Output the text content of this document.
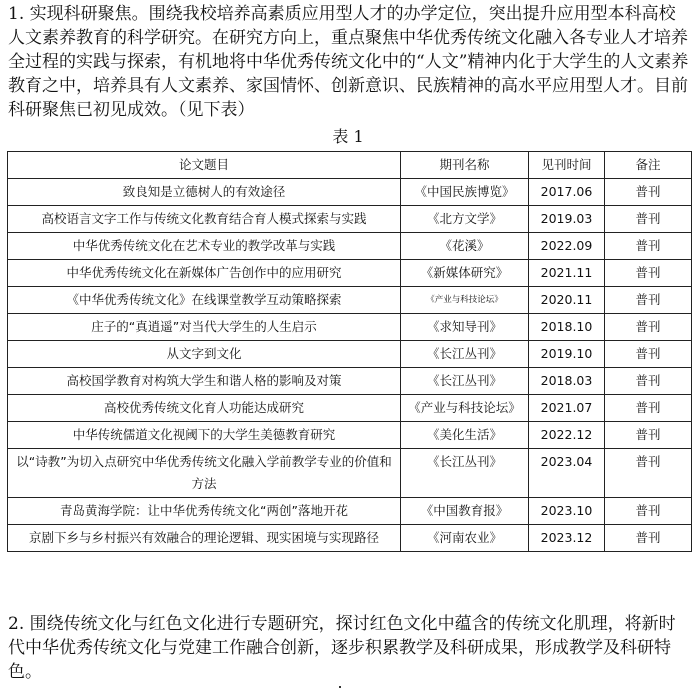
1. 实现科研聚焦。围绕我校培养高素质应用型人才的办学定位，突出提升应用型本科高校人文素养教育的科学研究。在研究方向上，重点聚焦中华优秀传统文化融入各专业人才培养全过程的实践与探索，有机地将中华优秀传统文化中的“人文”精神内化于大学生的人文素养教育之中，培养具有人文素养、家国情怀、创新意识、民族精神的高水平应用型人才。目前科研聚焦已初见成效。（见下表）

表 1
论文题目	期刊名称	见刊时间	备注
致良知是立德树人的有效途径	《中国民族博览》	2017.06	普刊
高校语言文字工作与传统文化教育结合育人模式探索与实践	《北方文学》	2019.03	普刊
中华优秀传统文化在艺术专业的教学改革与实践	《花溪》	2022.09	普刊
中华优秀传统文化在新媒体广告创作中的应用研究	《新媒体研究》	2021.11	普刊
《中华优秀传统文化》在线课堂教学互动策略探索	《产业与科技论坛》	2020.11	普刊
庄子的“真逍遥”对当代大学生的人生启示	《求知导刊》	2018.10	普刊
从文字到文化	《长江丛刊》	2019.10	普刊
高校国学教育对构筑大学生和谐人格的影响及对策	《长江丛刊》	2018.03	普刊
高校优秀传统文化育人功能达成研究	《产业与科技论坛》	2021.07	普刊
中华传统儒道文化视阈下的大学生美德教育研究	《美化生活》	2022.12	普刊
以“诗教”为切入点研究中华优秀传统文化融入学前教学专业的价值和方法	《长江丛刊》	2023.04	普刊
青岛黄海学院：让中华优秀传统文化“两创”落地开花	《中国教育报》	2023.10	普刊
京剧下乡与乡村振兴有效融合的理论逻辑、现实困境与实现路径	《河南农业》	2023.12	普刊

2. 围绕传统文化与红色文化进行专题研究，探讨红色文化中蕴含的传统文化肌理，将新时代中华优秀传统文化与党建工作融合创新，逐步积累教学及科研成果，形成教学及科研特色。
